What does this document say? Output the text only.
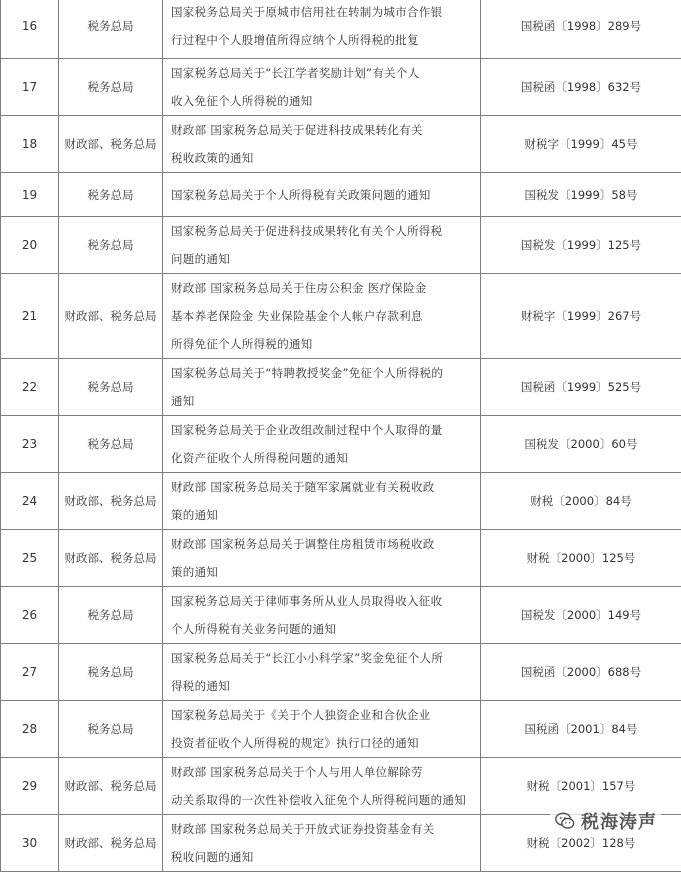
16	税务总局	国家税务总局关于原城市信用社在转制为城市合作银
行过程中个人股增值所得应纳个人所得税的批复	国税函〔1998〕289号
17	税务总局	国家税务总局关于“长江学者奖励计划”有关个人
收入免征个人所得税的通知	国税函〔1998〕632号
18	财政部、税务总局	财政部 国家税务总局关于促进科技成果转化有关
税收政策的通知	财税字〔1999〕45号
19	税务总局	国家税务总局关于个人所得税有关政策问题的通知	国税发〔1999〕58号
20	税务总局	国家税务总局关于促进科技成果转化有关个人所得税
问题的通知	国税发〔1999〕125号
21	财政部、税务总局	财政部 国家税务总局关于住房公积金 医疗保险金
基本养老保险金 失业保险基金个人帐户存款利息
所得免征个人所得税的通知	财税字〔1999〕267号
22	税务总局	国家税务总局关于“特聘教授奖金”免征个人所得税的
通知	国税函〔1999〕525号
23	税务总局	国家税务总局关于企业改组改制过程中个人取得的量
化资产征收个人所得税问题的通知	国税发〔2000〕60号
24	财政部、税务总局	财政部 国家税务总局关于随军家属就业有关税收政
策的通知	财税〔2000〕84号
25	财政部、税务总局	财政部 国家税务总局关于调整住房租赁市场税收政
策的通知	财税〔2000〕125号
26	税务总局	国家税务总局关于律师事务所从业人员取得收入征收
个人所得税有关业务问题的通知	国税发〔2000〕149号
27	税务总局	国家税务总局关于“长江小小科学家”奖金免征个人所
得税的通知	国税函〔2000〕688号
28	税务总局	国家税务总局关于《关于个人独资企业和合伙企业
投资者征收个人所得税的规定》执行口径的通知	国税函〔2001〕84号
29	财政部、税务总局	财政部 国家税务总局关于个人与用人单位解除劳
动关系取得的一次性补偿收入征免个人所得税问题的通知	财税〔2001〕157号
30	财政部、税务总局	财政部 国家税务总局关于开放式证券投资基金有关
税收问题的通知	财税〔2002〕128号
税海涛声
